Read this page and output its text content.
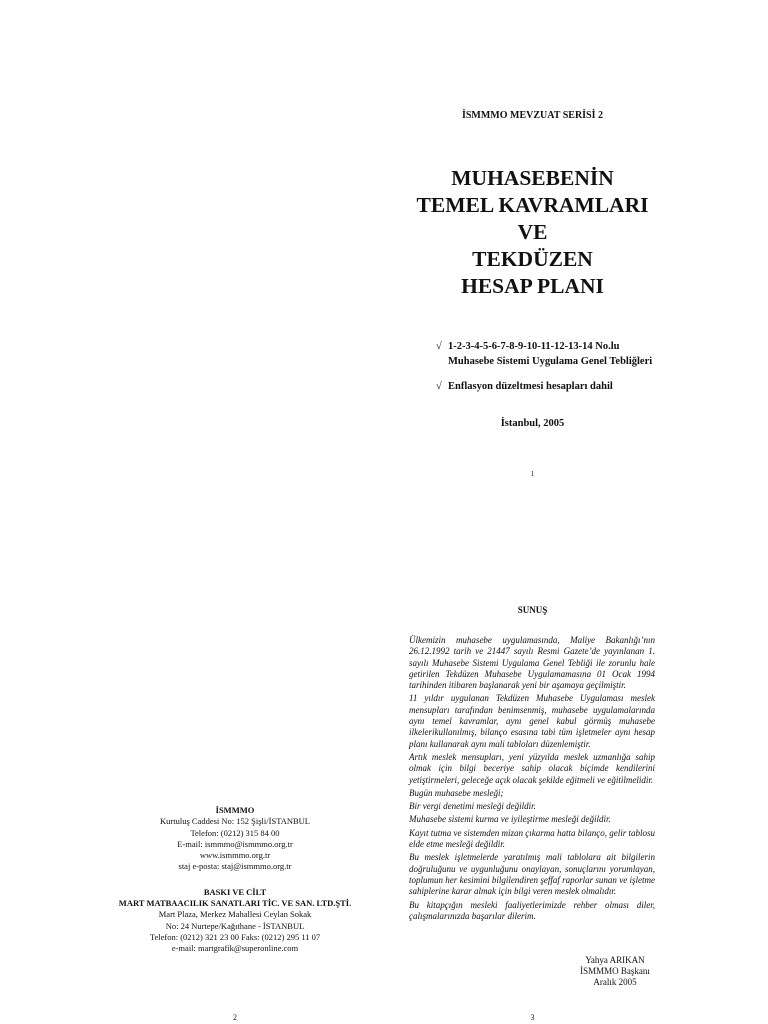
İSMMMO MEVZUAT SERİSİ 2
MUHASEBENİN
TEMEL KAVRAMLARI
VE
TEKDÜZEN
HESAP PLANI
√ 1-2-3-4-5-6-7-8-9-10-11-12-13-14 No.lu
Muhasebe Sistemi Uygulama Genel Tebliğleri
√ Enflasyon düzeltmesi hesapları dahil
İstanbul, 2005
1
SUNUŞ

Ülkemizin muhasebe uygulamasında, Maliye Bakanlığı’nın 26.12.1992 tarih ve 21447 sayılı Resmi Gazete’de yayınlanan 1. sayılı Muhasebe Sistemi Uygulama Genel Tebliği ile zorunlu hale getirilen Tekdüzen Muhasebe Uygulamamasına 01 Ocak 1994 tarihinden itibaren başlanarak yeni bir aşamaya geçilmiştir.

11 yıldır uygulanan Tekdüzen Muhasebe Uygulaması meslek mensupları tarafından benimsenmiş, muhasebe uygulamalarında aynı temel kavramlar, aynı genel kabul görmüş muhasebe ilkelerikullanılmış, bilanço esasına tabi tüm işletmeler aynı hesap planı kullanarak aynı mali tabloları düzenlemiştir.

Artık meslek mensupları, yeni yüzyılda meslek uzmanlığa sahip olmak için bilgi beceriye sahip olacak biçimde kendilerini yetiştirmeleri, geleceğe açık olacak şekilde eğitmeli ve eğitilmelidir.

Bugün muhasebe mesleği;

Bir vergi denetimi mesleği değildir.

Muhasebe sistemi kurma ve iyileştirme mesleği değildir.

Kayıt tutma ve sistemden mizan çıkarma hatta bilanço, gelir tablosu elde etme mesleği değildir.

Bu meslek işletmelerde yaratılmış mali tablolara ait bilgilerin doğruluğunu ve uygunluğunu onaylayan, sonuçlarını yorumlayan, toplumun her kesimini bilgilendiren şeffaf raporlar sunan ve işletme sahiplerine karar almak için bilgi veren meslek olmalıdır.

Bu kitapçığın mesleki faaliyetlerimizde rehber olması diler, çalışmalarınızda başarılar dilerim.

Yahya ARIKAN
İSMMMO Başkanı
Aralık 2005
3
İSMMMO
Kurtuluş Caddesi No: 152 Şişli/İSTANBUL
Telefon: (0212) 315 84 00
E-mail: ismmmo@ismmmo.org.tr
www.ismmmo.org.tr
staj e-posta: staj@ismmmo.org.tr
BASKI VE CİLT
MART MATBAACILIK SANATLARI TİC. VE SAN. LTD.ŞTİ.
Mart Plaza, Merkez Mahallesi Ceylan Sokak
No: 24 Nurtepe/Kağıthane - İSTANBUL
Telefon: (0212) 321 23 00 Faks: (0212) 295 11 07
e-mail: martgrafik@superonline.com
2
